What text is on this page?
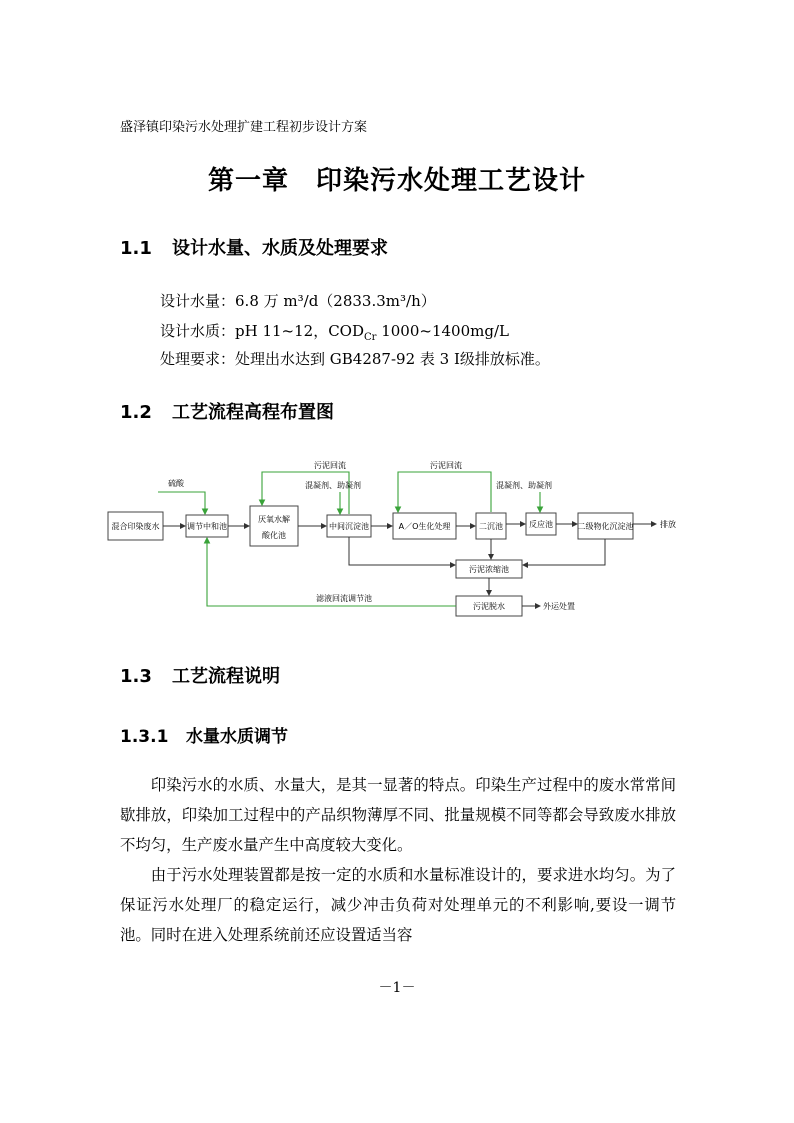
盛泽镇印染污水处理扩建工程初步设计方案
第一章　印染污水处理工艺设计
1.1 设计水量、水质及处理要求
设计水量：6.8 万 m³/d（2833.3m³/h）
设计水质：pH 11~12，$COD_{Cr}$ 1000~1400mg/L
处理要求：处理出水达到 GB4287-92 表 3 Ⅰ级排放标准。
1.2 工艺流程高程布置图
混合印染废水	调节中和池
厌氧水解
酸化池
中间沉淀池	A／O生化处理	二沉池	反应池	二级物化沉淀池
污泥浓缩池
污泥脱水
排放
外运处置
硫酸
污泥回流	污泥回流
混凝剂、助凝剂	混凝剂、助凝剂
滤液回流调节池
1.3 工艺流程说明
1.3.1 水量水质调节

印染污水的水质、水量大，是其一显著的特点。印染生产过程中的废水常常间歇排放，印染加工过程中的产品织物薄厚不同、批量规模不同等都会导致废水排放不均匀，生产废水量产生中高度较大变化。

由于污水处理装置都是按一定的水质和水量标准设计的，要求进水均匀。为了保证污水处理厂的稳定运行，减少冲击负荷对处理单元的不利影响,要设一调节池。同时在进入处理系统前还应设置适当容

－1－
